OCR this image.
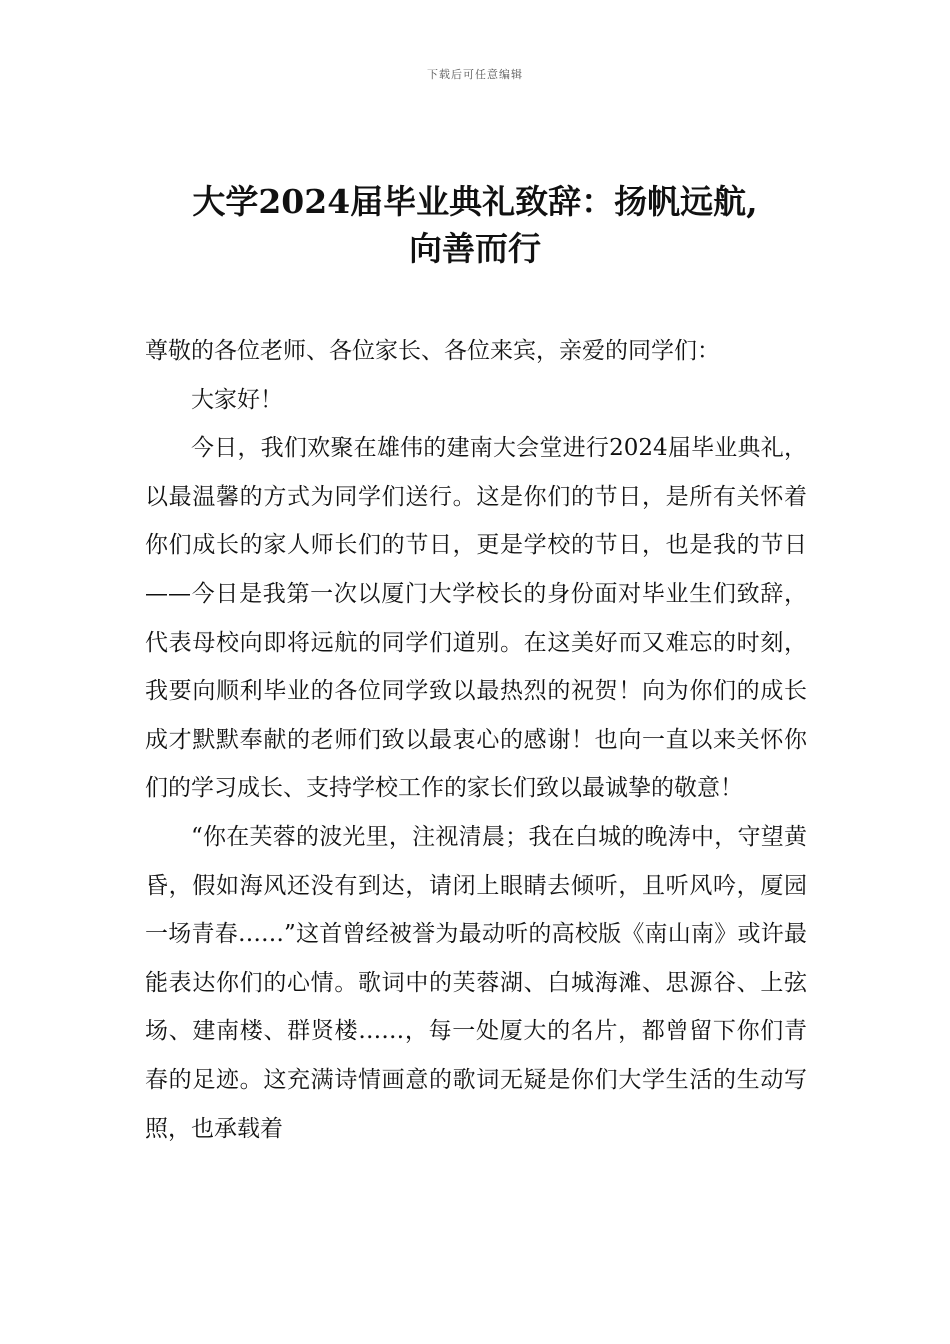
下载后可任意编辑
大学2024届毕业典礼致辞：扬帆远航,
向善而行

尊敬的各位老师、各位家长、各位来宾，亲爱的同学们：

大家好！

今日，我们欢聚在雄伟的建南大会堂进行2024届毕业典礼，以最温馨的方式为同学们送行。这是你们的节日，是所有关怀着你们成长的家人师长们的节日，更是学校的节日，也是我的节日——今日是我第一次以厦门大学校长的身份面对毕业生们致辞，代表母校向即将远航的同学们道别。在这美好而又难忘的时刻，我要向顺利毕业的各位同学致以最热烈的祝贺！向为你们的成长成才默默奉献的老师们致以最衷心的感谢！也向一直以来关怀你们的学习成长、支持学校工作的家长们致以最诚挚的敬意！

“你在芙蓉的波光里，注视清晨；我在白城的晚涛中，守望黄昏，假如海风还没有到达，请闭上眼睛去倾听，且听风吟，厦园一场青春……”这首曾经被誉为最动听的高校版《南山南》或许最能表达你们的心情。歌词中的芙蓉湖、白城海滩、思源谷、上弦场、建南楼、群贤楼……，每一处厦大的名片，都曾留下你们青春的足迹。这充满诗情画意的歌词无疑是你们大学生活的生动写照，也承载着
